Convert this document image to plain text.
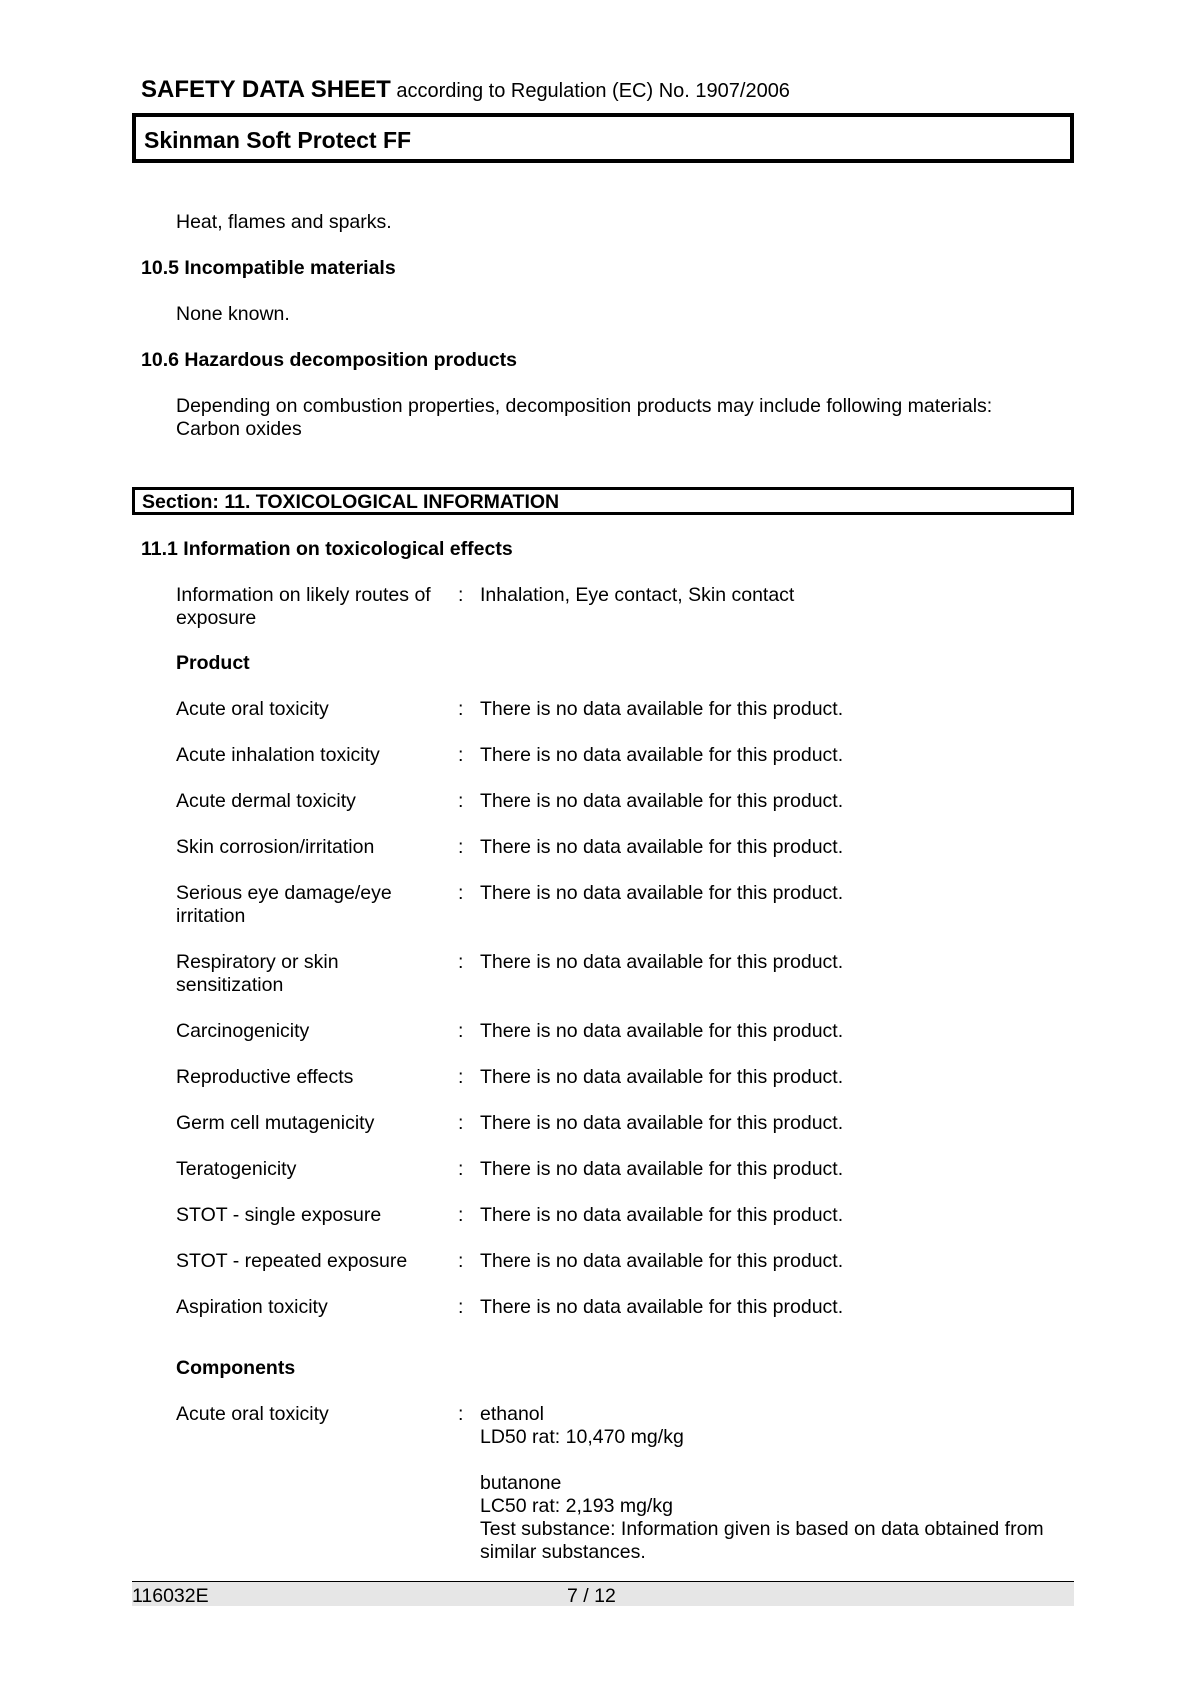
SAFETY DATA SHEET according to Regulation (EC) No. 1907/2006
Skinman Soft Protect FF
Heat, flames and sparks.
10.5 Incompatible materials
None known.
10.6 Hazardous decomposition products
Depending on combustion properties, decomposition products may include following materials:
Carbon oxides
Section: 11. TOXICOLOGICAL INFORMATION
11.1 Information on toxicological effects
Information on likely routes of
exposure
: Inhalation, Eye contact, Skin contact
Product
Acute oral toxicity	: There is no data available for this product.
Acute inhalation toxicity	: There is no data available for this product.
Acute dermal toxicity	: There is no data available for this product.
Skin corrosion/irritation	: There is no data available for this product.
Serious eye damage/eye
irritation
: There is no data available for this product.
Respiratory or skin
sensitization
: There is no data available for this product.
Carcinogenicity	: There is no data available for this product.
Reproductive effects	: There is no data available for this product.
Germ cell mutagenicity	: There is no data available for this product.
Teratogenicity	: There is no data available for this product.
STOT - single exposure	: There is no data available for this product.
STOT - repeated exposure	: There is no data available for this product.
Aspiration toxicity	: There is no data available for this product.
Components
Acute oral toxicity	: ethanol
LD50 rat: 10,470 mg/kg
butanone
LC50 rat: 2,193 mg/kg
Test substance: Information given is based on data obtained from
similar substances.
116032E	7 / 12
